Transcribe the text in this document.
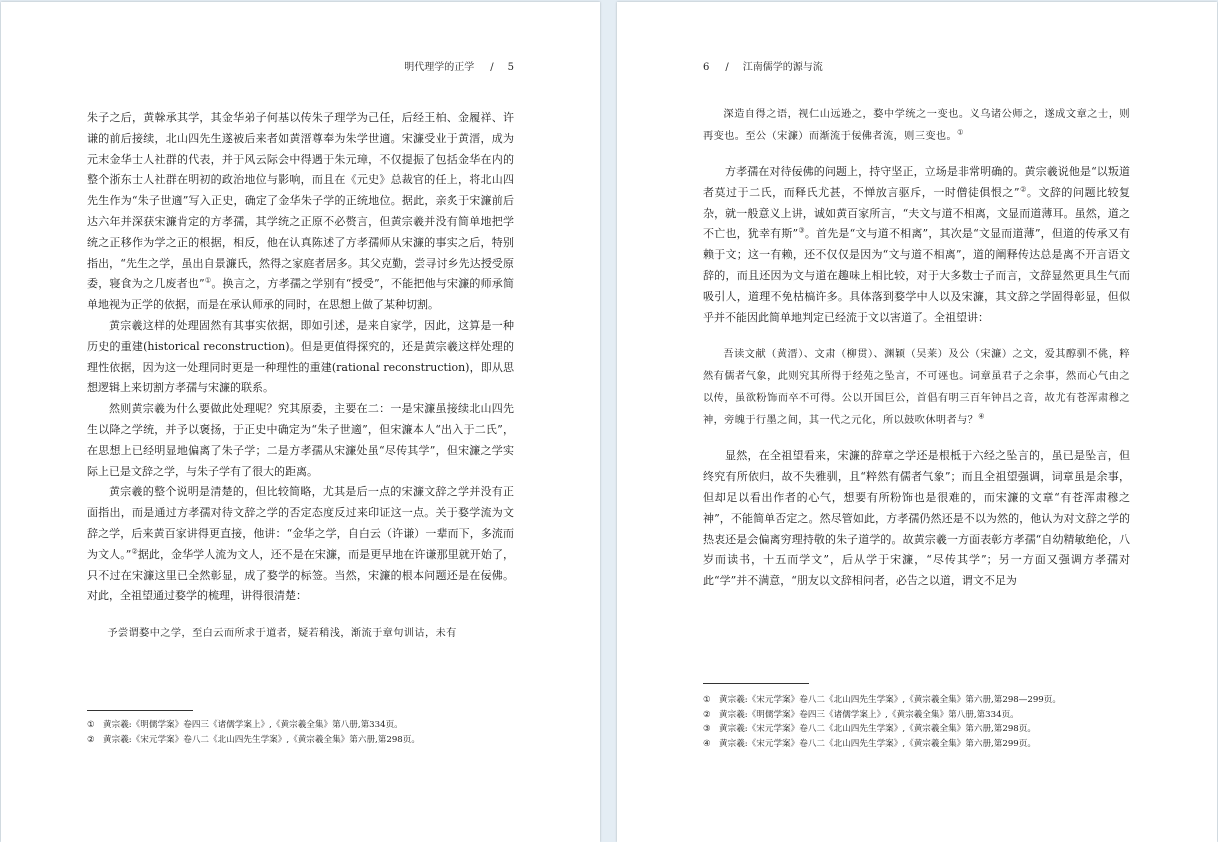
明代理学的正学 / 5

朱子之后，黄榦承其学，其金华弟子何基以传朱子理学为己任，后经王柏、金履祥、许谦的前后接续，北山四先生遂被后来者如黄溍尊奉为朱学世適。宋濂受业于黄溍，成为元末金华士人社群的代表，并于风云际会中得遇于朱元璋，不仅提振了包括金华在内的整个浙东士人社群在明初的政治地位与影响，而且在《元史》总裁官的任上，将北山四先生作为“朱子世適”写入正史，确定了金华朱子学的正统地位。据此，亲炙于宋濂前后达六年并深获宋濂肯定的方孝孺，其学统之正原不必赘言，但黄宗羲并没有简单地把学统之正移作为学之正的根据，相反，他在认真陈述了方孝孺师从宋濂的事实之后，特别指出，“先生之学，虽出自景濂氏，然得之家庭者居多。其父克勤，尝寻讨乡先达授受原委，寝食为之几废者也”①。换言之，方孝孺之学别有“授受”，不能把他与宋濂的师承简单地视为正学的依据，而是在承认师承的同时，在思想上做了某种切割。

黄宗羲这样的处理固然有其事实依据，即如引述，是来自家学，因此，这算是一种历史的重建(historical reconstruction)。但是更值得探究的，还是黄宗羲这样处理的理性依据，因为这一处理同时更是一种理性的重建(rational reconstruction)，即从思想逻辑上来切割方孝孺与宋濂的联系。

然则黄宗羲为什么要做此处理呢？究其原委，主要在二：一是宋濂虽接续北山四先生以降之学统，并予以褒扬，于正史中确定为“朱子世適”，但宋濂本人“出入于二氏”，在思想上已经明显地偏离了朱子学；二是方孝孺从宋濂处虽“尽传其学”，但宋濂之学实际上已是文辞之学，与朱子学有了很大的距离。

黄宗羲的整个说明是清楚的，但比较简略，尤其是后一点的宋濂文辞之学并没有正面指出，而是通过方孝孺对待文辞之学的否定态度反过来印证这一点。关于婺学流为文辞之学，后来黄百家讲得更直接，他讲：“金华之学，自白云（许谦）一辈而下，多流而为文人。”②据此，金华学人流为文人，还不是在宋濂，而是更早地在许谦那里就开始了，只不过在宋濂这里已全然彰显，成了婺学的标签。当然，宋濂的根本问题还是在佞佛。对此，全祖望通过婺学的梳理，讲得很清楚：

予尝谓婺中之学，至白云而所求于道者，疑若稍浅，渐流于章句训诂，未有

① 黄宗羲:《明儒学案》卷四三《诸儒学案上》,《黄宗羲全集》第八册,第334页。
② 黄宗羲:《宋元学案》卷八二《北山四先生学案》,《黄宗羲全集》第六册,第298页。
6 / 江南儒学的源与流

深造自得之语，视仁山远逊之，婺中学统之一变也。义乌诸公师之，遂成文章之士，则再变也。至公（宋濂）而渐流于佞佛者流，则三变也。①

方孝孺在对待佞佛的问题上，持守坚正，立场是非常明确的。黄宗羲说他是“以叛道者莫过于二氏，而释氏尤甚，不惮放言驱斥，一时僧徒俱恨之”②。文辞的问题比较复杂，就一般意义上讲，诚如黄百家所言，“夫文与道不相离，文显而道薄耳。虽然，道之不亡也，犹幸有斯”③。首先是“文与道不相离”，其次是“文显而道薄”，但道的传承又有赖于文；这一有赖，还不仅仅是因为“文与道不相离”，道的阐释传达总是离不开言语文辞的，而且还因为文与道在趣味上相比较，对于大多数士子而言，文辞显然更具生气而吸引人，道理不免枯槁许多。具体落到婺学中人以及宋濂，其文辞之学固得彰显，但似乎并不能因此简单地判定已经流于文以害道了。全祖望讲：

吾读文献（黄溍）、文肃（柳贯）、渊颖（吴莱）及公（宋濂）之文，爱其醇驯不佻，粹然有儒者气象，此则究其所得于经苑之坠言，不可诬也。词章虽君子之余事，然而心气由之以传，虽欲粉饰而卒不可得。公以开国巨公，首倡有明三百年钟吕之音，故尤有苍浑肃穆之神，旁魄于行墨之间，其一代之元化，所以鼓吹休明者与？④

显然，在全祖望看来，宋濂的辞章之学还是根柢于六经之坠言的，虽已是坠言，但终究有所依归，故不失雅驯，且“粹然有儒者气象”；而且全祖望强调，词章虽是余事，但却足以看出作者的心气，想要有所粉饰也是很难的，而宋濂的文章“有苍浑肃穆之神”，不能简单否定之。然尽管如此，方孝孺仍然还是不以为然的，他认为对文辞之学的热衷还是会偏离穷理持敬的朱子道学的。故黄宗羲一方面表彰方孝孺“自幼精敏绝伦，八岁而读书，十五而学文”，后从学于宋濂，“尽传其学”；另一方面又强调方孝孺对此“学”并不满意，“朋友以文辞相问者，必告之以道，谓文不足为

① 黄宗羲:《宋元学案》卷八二《北山四先生学案》,《黄宗羲全集》第六册,第298—299页。
② 黄宗羲:《明儒学案》卷四三《诸儒学案上》,《黄宗羲全集》第八册,第334页。
③ 黄宗羲:《宋元学案》卷八二《北山四先生学案》,《黄宗羲全集》第六册,第298页。
④ 黄宗羲:《宋元学案》卷八二《北山四先生学案》,《黄宗羲全集》第六册,第299页。
